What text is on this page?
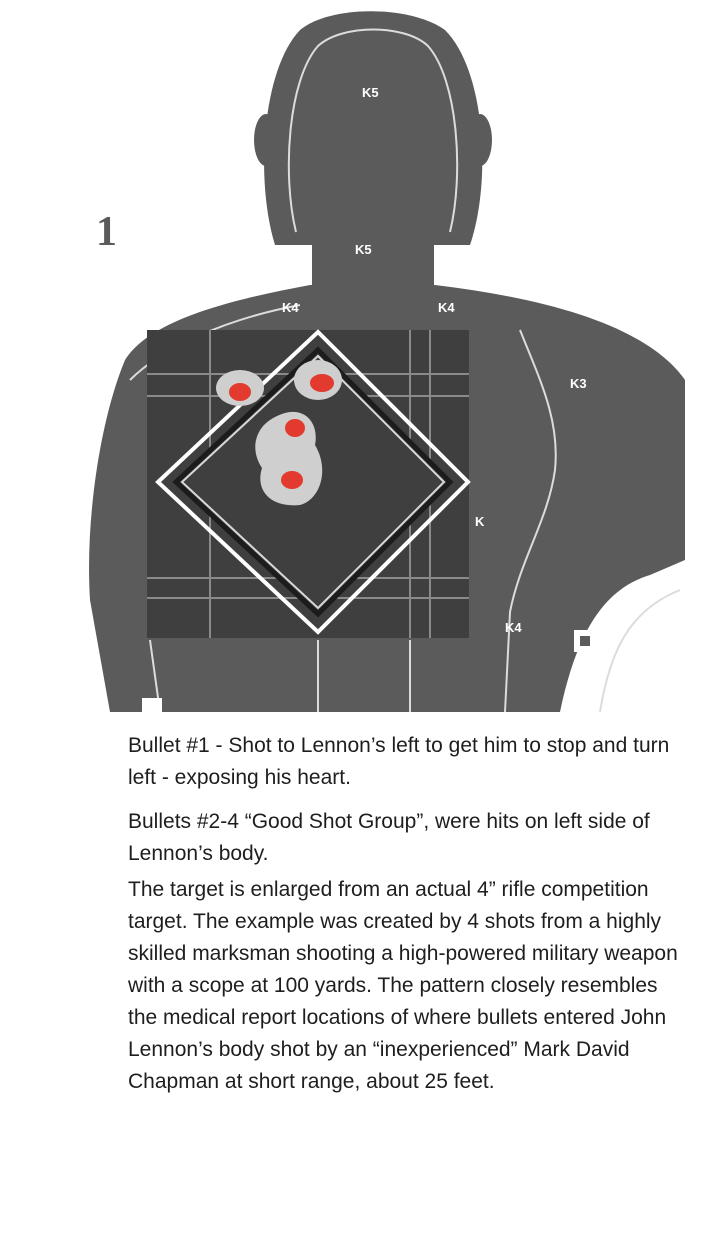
K5
K5
K4	K4
K3
K
K4
1

Bullet #1 - Shot to Lennon’s left to get him to stop and turn left - exposing his heart.

Bullets #2-4 “Good Shot Group”, were hits on left side of Lennon’s body.

The target is enlarged from an actual 4” rifle competition target. The example was created by 4 shots from a highly skilled marksman shooting a high-powered military weapon with a scope at 100 yards. The pattern closely resembles the medical report locations of where bullets entered John Lennon’s body shot by an “inexperienced” Mark David Chapman at short range, about 25 feet.
